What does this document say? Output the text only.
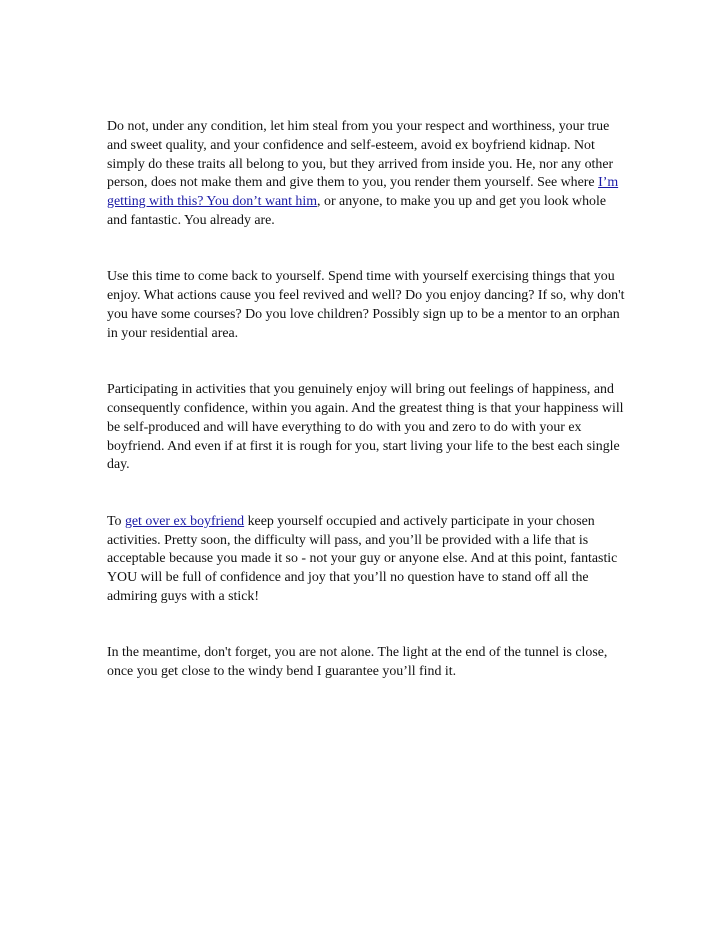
Do not, under any condition, let him steal from you your respect and worthiness, your true and sweet quality, and your confidence and self-esteem, avoid ex boyfriend kidnap. Not simply do these traits all belong to you, but they arrived from inside you. He, nor any other person, does not make them and give them to you, you render them yourself. See where I’m getting with this? You don’t want him, or anyone, to make you up and get you look whole and fantastic. You already are.

Use this time to come back to yourself. Spend time with yourself exercising things that you enjoy. What actions cause you feel revived and well? Do you enjoy dancing? If so, why don't you have some courses? Do you love children? Possibly sign up to be a mentor to an orphan in your residential area.

Participating in activities that you genuinely enjoy will bring out feelings of happiness, and consequently confidence, within you again. And the greatest thing is that your happiness will be self-produced and will have everything to do with you and zero to do with your ex boyfriend. And even if at first it is rough for you, start living your life to the best each single day.

To get over ex boyfriend keep yourself occupied and actively participate in your chosen activities. Pretty soon, the difficulty will pass, and you’ll be provided with a life that is acceptable because you made it so - not your guy or anyone else. And at this point, fantastic YOU will be full of confidence and joy that you’ll no question have to stand off all the admiring guys with a stick!

In the meantime, don't forget, you are not alone. The light at the end of the tunnel is close, once you get close to the windy bend I guarantee you’ll find it.
